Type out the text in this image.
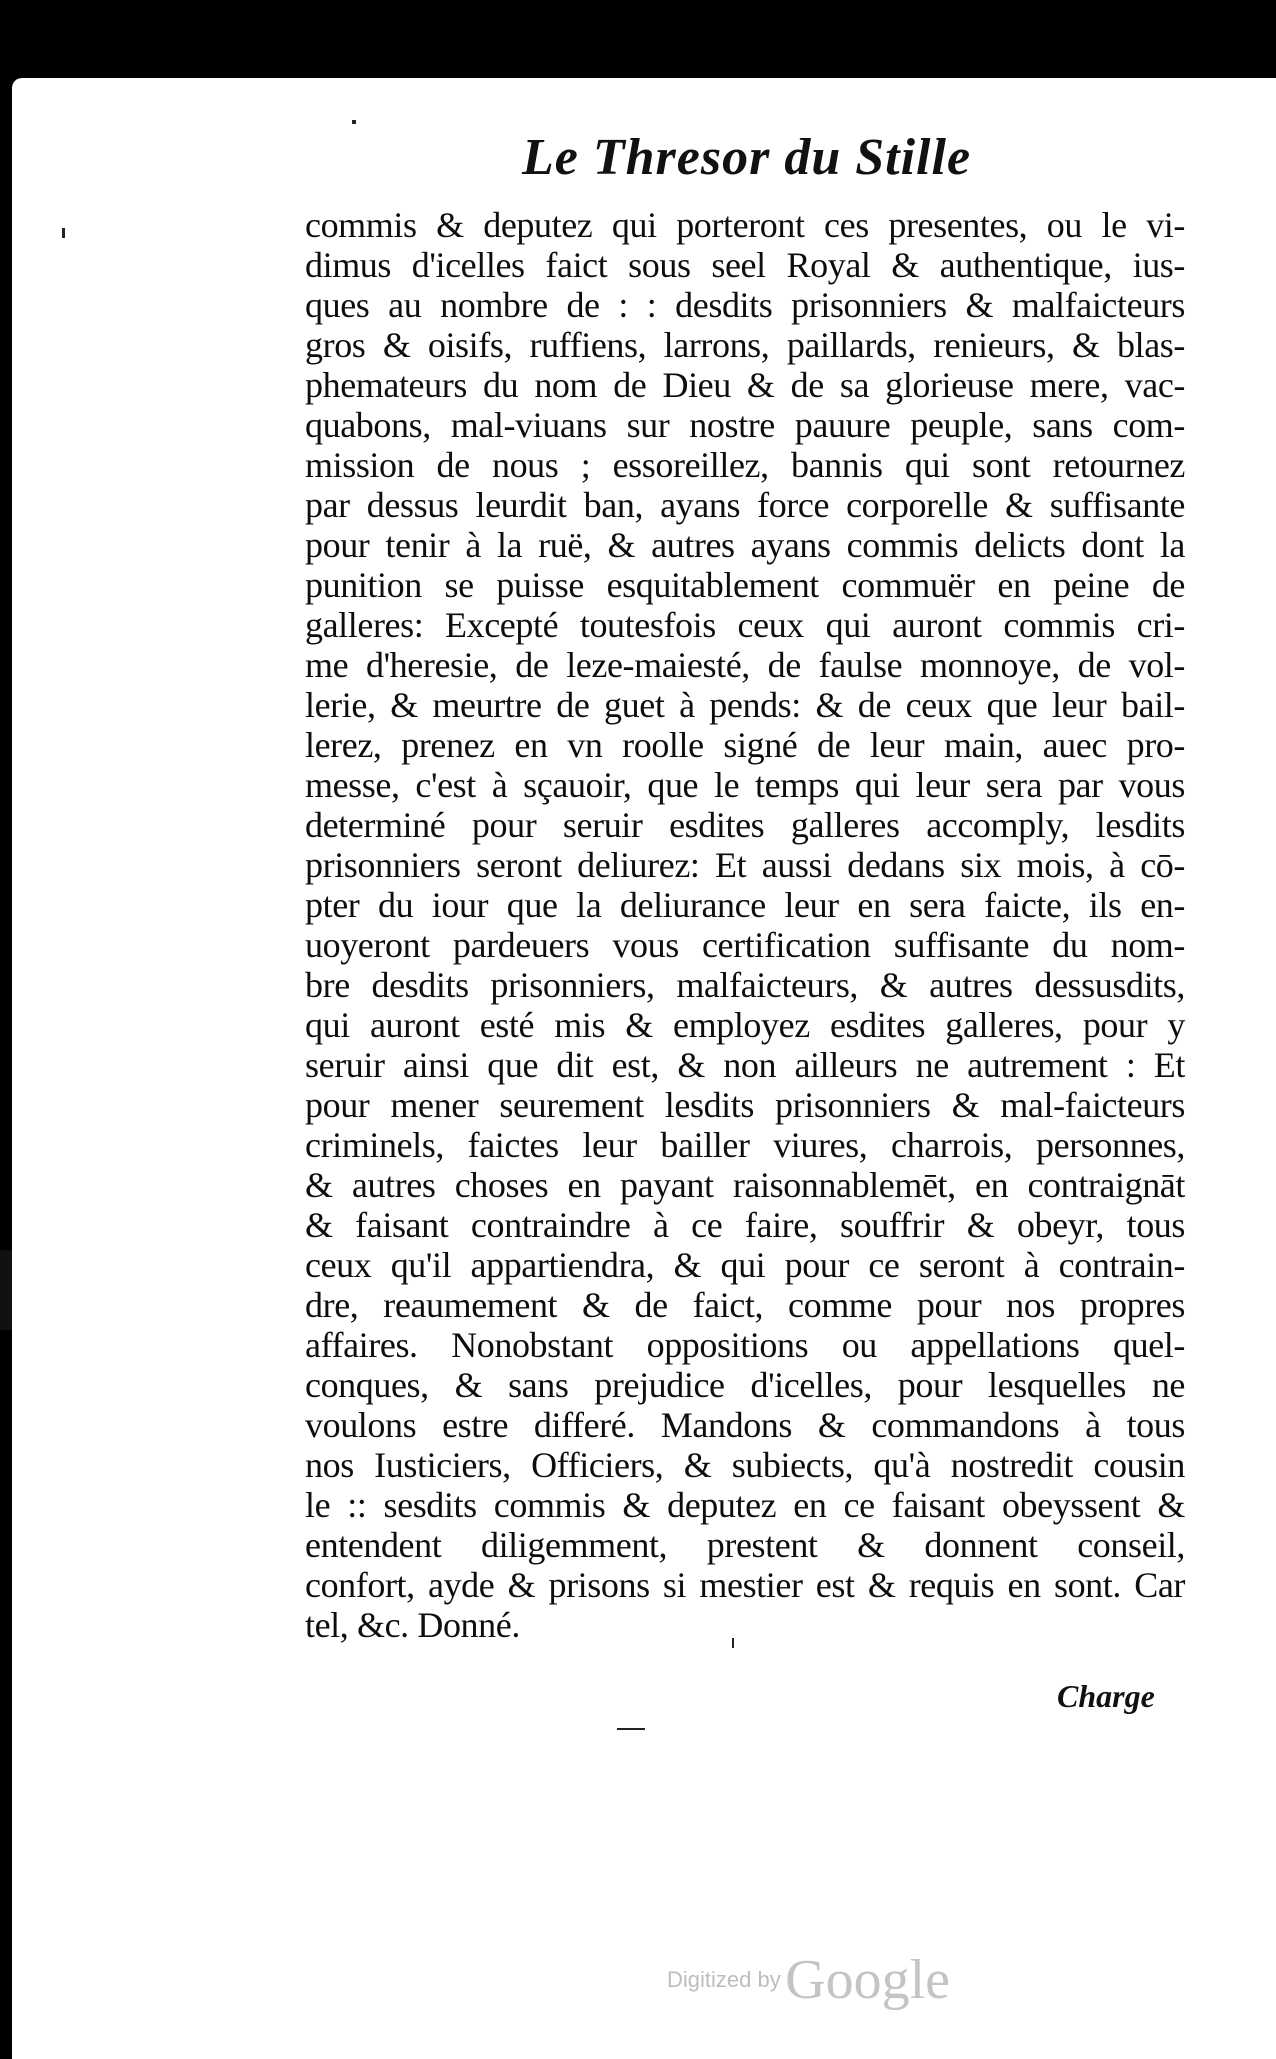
Le Thresor du Stille
commis & deputez qui porteront ces presentes, ou le vi-
dimus d'icelles faict sous seel Royal & authentique, ius-
ques au nombre de : : desdits prisonniers & malfaicteurs
gros & oisifs, ruffiens, larrons, paillards, renieurs, & blas-
phemateurs du nom de Dieu & de sa glorieuse mere, vac-
quabons, mal-viuans sur nostre pauure peuple, sans com-
mission de nous ; essoreillez, bannis qui sont retournez
par dessus leurdit ban, ayans force corporelle & suffisante
pour tenir à la ruë, & autres ayans commis delicts dont la
punition se puisse esquitablement commuër en peine de
galleres: Excepté toutesfois ceux qui auront commis cri-
me d'heresie, de leze-maiesté, de faulse monnoye, de vol-
lerie, & meurtre de guet à pends: & de ceux que leur bail-
lerez, prenez en vn roolle signé de leur main, auec pro-
messe, c'est à sçauoir, que le temps qui leur sera par vous
determiné pour seruir esdites galleres accomply, lesdits
prisonniers seront deliurez: Et aussi dedans six mois, à cō-
pter du iour que la deliurance leur en sera faicte, ils en-
uoyeront pardeuers vous certification suffisante du nom-
bre desdits prisonniers, malfaicteurs, & autres dessusdits,
qui auront esté mis & employez esdites galleres, pour y
seruir ainsi que dit est, & non ailleurs ne autrement : Et
pour mener seurement lesdits prisonniers & mal-faicteurs
criminels, faictes leur bailler viures, charrois, personnes,
& autres choses en payant raisonnablemēt, en contraignāt
& faisant contraindre à ce faire, souffrir & obeyr, tous
ceux qu'il appartiendra, & qui pour ce seront à contrain-
dre, reaumement & de faict, comme pour nos propres
affaires. Nonobstant oppositions ou appellations quel-
conques, & sans prejudice d'icelles, pour lesquelles ne
voulons estre differé. Mandons & commandons à tous
nos Iusticiers, Officiers, & subiects, qu'à nostredit cousin
le :: sesdits commis & deputez en ce faisant obeyssent &
entendent diligemment, prestent & donnent conseil,
confort, ayde & prisons si mestier est & requis en sont. Car
tel, &c. Donné.
Charge
Digitized by Google
